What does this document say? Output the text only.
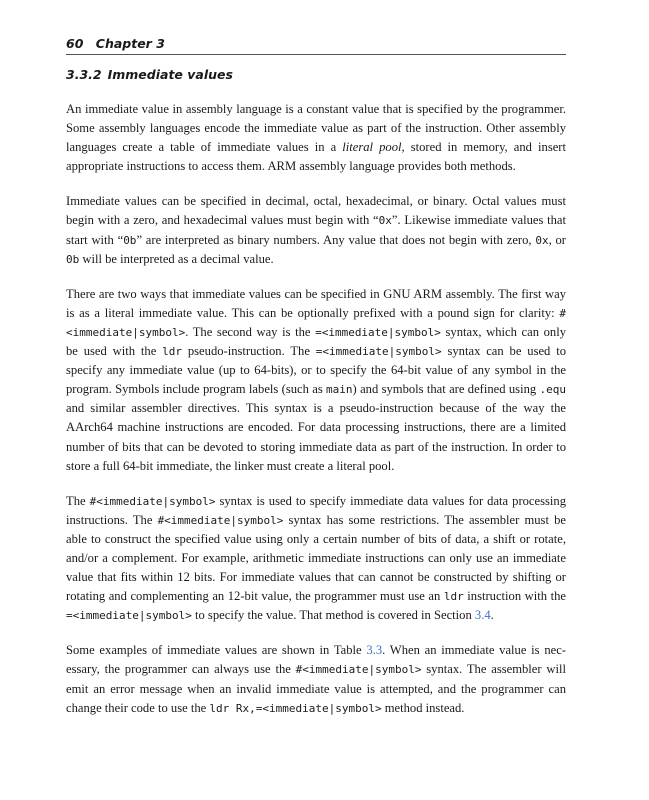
60 Chapter 3
3.3.2 Immediate values

An immediate value in assembly language is a constant value that is specified by the programmer. Some assembly languages encode the immediate value as part of the instruction. Other assembly languages create a table of immediate values in a literal pool, stored in memory, and insert appropriate instructions to access them. ARM assembly language provides both methods.

Immediate values can be specified in decimal, octal, hexadecimal, or binary. Octal values must begin with a zero, and hexadecimal values must begin with “0x”. Likewise immediate values that start with “0b” are interpreted as binary numbers. Any value that does not begin with zero, 0x, or 0b will be interpreted as a decimal value.

There are two ways that immediate values can be specified in GNU ARM assembly. The first way is as a literal immediate value. This can be optionally prefixed with a pound sign for clarity: #<immediate|symbol>. The second way is the =<immediate|symbol> syntax, which can only be used with the ldr pseudo-instruction. The =<immediate|symbol> syntax can be used to specify any immediate value (up to 64-bits), or to specify the 64-bit value of any symbol in the program. Symbols include program labels (such as main) and symbols that are defined using .equ and similar assembler directives. This syntax is a pseudo-instruction because of the way the AArch64 machine instructions are encoded. For data processing instructions, there are a limited number of bits that can be devoted to storing immediate data as part of the instruction. In order to store a full 64-bit immediate, the linker must create a literal pool.

The #<immediate|symbol> syntax is used to specify immediate data values for data processing instructions. The #<immediate|symbol> syntax has some restrictions. The assembler must be able to construct the specified value using only a certain number of bits of data, a shift or rotate, and/or a complement. For example, arithmetic immediate instructions can only use an immediate value that fits within 12 bits. For immediate values that can cannot be constructed by shifting or rotating and complementing an 12-bit value, the programmer must use an ldr instruction with the =<immediate|symbol> to specify the value. That method is covered in Section 3.4.

Some examples of immediate values are shown in Table 3.3. When an immediate value is necessary, the programmer can always use the #<immediate|symbol> syntax. The assembler will emit an error message when an invalid immediate value is attempted, and the programmer can change their code to use the ldr Rx,=<immediate|symbol> method instead.
